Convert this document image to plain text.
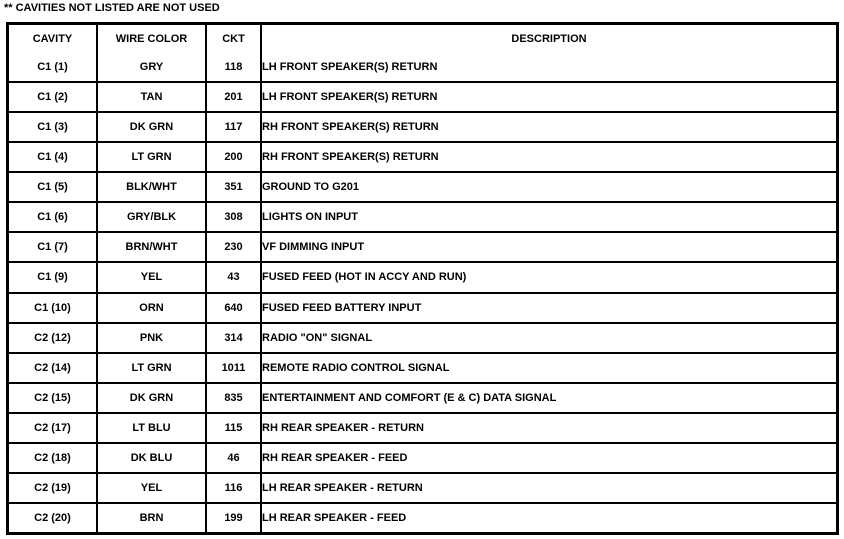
** CAVITIES NOT LISTED ARE NOT USED
CAVITY	WIRE COLOR	CKT	DESCRIPTION
C1 (1)	GRY	118	LH FRONT SPEAKER(S) RETURN
C1 (2)	TAN	201	LH FRONT SPEAKER(S) RETURN
C1 (3)	DK GRN	117	RH FRONT SPEAKER(S) RETURN
C1 (4)	LT GRN	200	RH FRONT SPEAKER(S) RETURN
C1 (5)	BLK/WHT	351	GROUND TO G201
C1 (6)	GRY/BLK	308	LIGHTS ON INPUT
C1 (7)	BRN/WHT	230	VF DIMMING INPUT
C1 (9)	YEL	43	FUSED FEED (HOT IN ACCY AND RUN)
C1 (10)	ORN	640	FUSED FEED BATTERY INPUT
C2 (12)	PNK	314	RADIO "ON" SIGNAL
C2 (14)	LT GRN	1011	REMOTE RADIO CONTROL SIGNAL
C2 (15)	DK GRN	835	ENTERTAINMENT AND COMFORT (E & C) DATA SIGNAL
C2 (17)	LT BLU	115	RH REAR SPEAKER - RETURN
C2 (18)	DK BLU	46	RH REAR SPEAKER - FEED
C2 (19)	YEL	116	LH REAR SPEAKER - RETURN
C2 (20)	BRN	199	LH REAR SPEAKER - FEED
